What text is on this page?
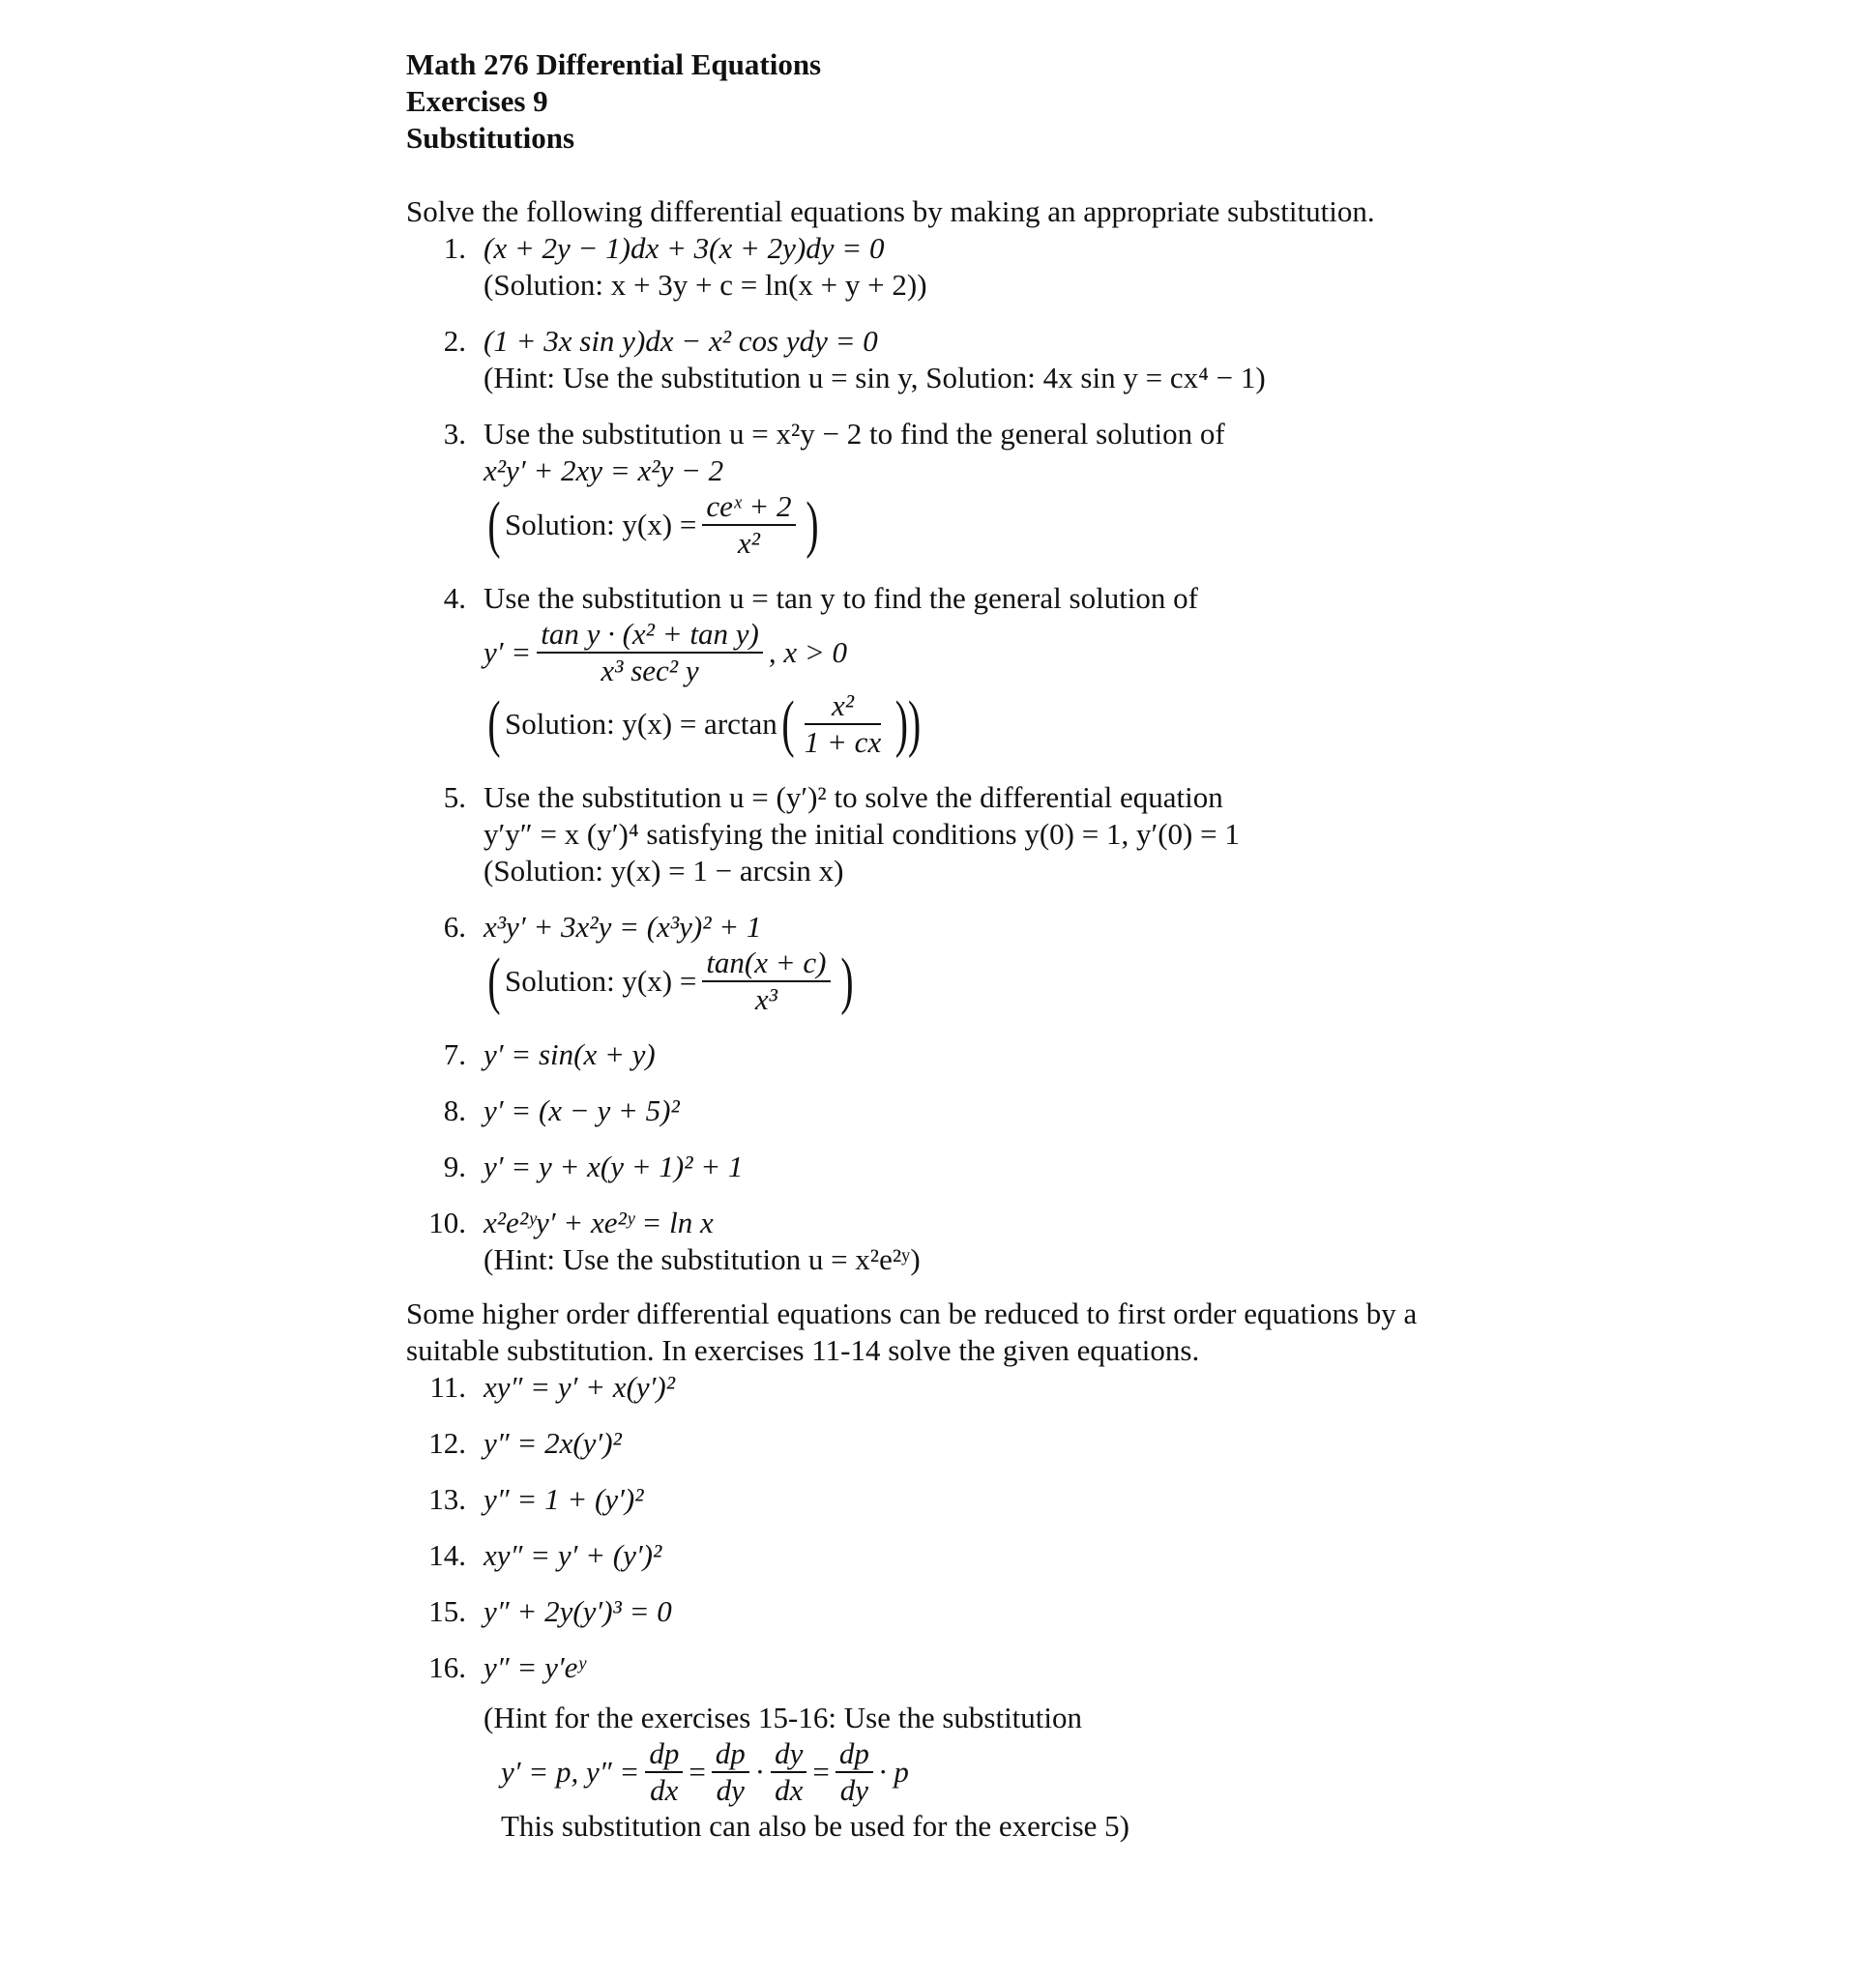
Math 276 Differential Equations
Exercises 9
Substitutions
Solve the following differential equations by making an appropriate substitution.
1. (x + 2y − 1)dx + 3(x + 2y)dy = 0
(Solution: x + 3y + c = ln(x + y + 2))
2. (1 + 3x sin y)dx − x² cos ydy = 0
(Hint: Use the substitution u = sin y, Solution: 4x sin y = cx⁴ − 1)
3. Use the substitution u = x²y − 2 to find the general solution of
x²y′ + 2xy = x²y − 2
( Solution: $y(x) = \frac{\text{ceˣ + 2}}{\text{x²}}$ )
4. Use the substitution u = tan y to find the general solution of
$y' = \frac{\text{tan y · (x² + tan y)}}{\text{x³ sec² y}}$ , x > 0
( Solution: y(x) = arctan ( $\frac{\text{x²}}{1 + cx}$ ))
5. Use the substitution u = (y′)² to solve the differential equation
y′y″ = x (y′)⁴ satisfying the initial conditions y(0) = 1, y′(0) = 1
(Solution: y(x) = 1 − arcsin x)
6. x³y′ + 3x²y = (x³y)² + 1
( Solution: $y(x) = \frac{\tan(x + c)}{\text{x³}}$ )
7. y′ = sin(x + y)
8. y′ = (x − y + 5)²
9. y′ = y + x(y + 1)² + 1
10. x²e²ʸy′ + xe²ʸ = ln x
(Hint: Use the substitution u = x²e²ʸ)
Some higher order differential equations can be reduced to first order equations by a suitable substitution. In exercises 11-14 solve the given equations.
11. xy″ = y′ + x(y′)²
12. y″ = 2x(y′)²
13. y″ = 1 + (y′)²
14. xy″ = y′ + (y′)²
15. y″ + 2y(y′)³ = 0
16. y″ = y′eʸ
(Hint for the exercises 15-16: Use the substitution
y′ = p, $y'' = \frac{dp}{dx} = \frac{dp}{dy} \cdot \frac{dy}{dx} = \frac{dp}{dy} \cdot p$
This substitution can also be used for the exercise 5)
